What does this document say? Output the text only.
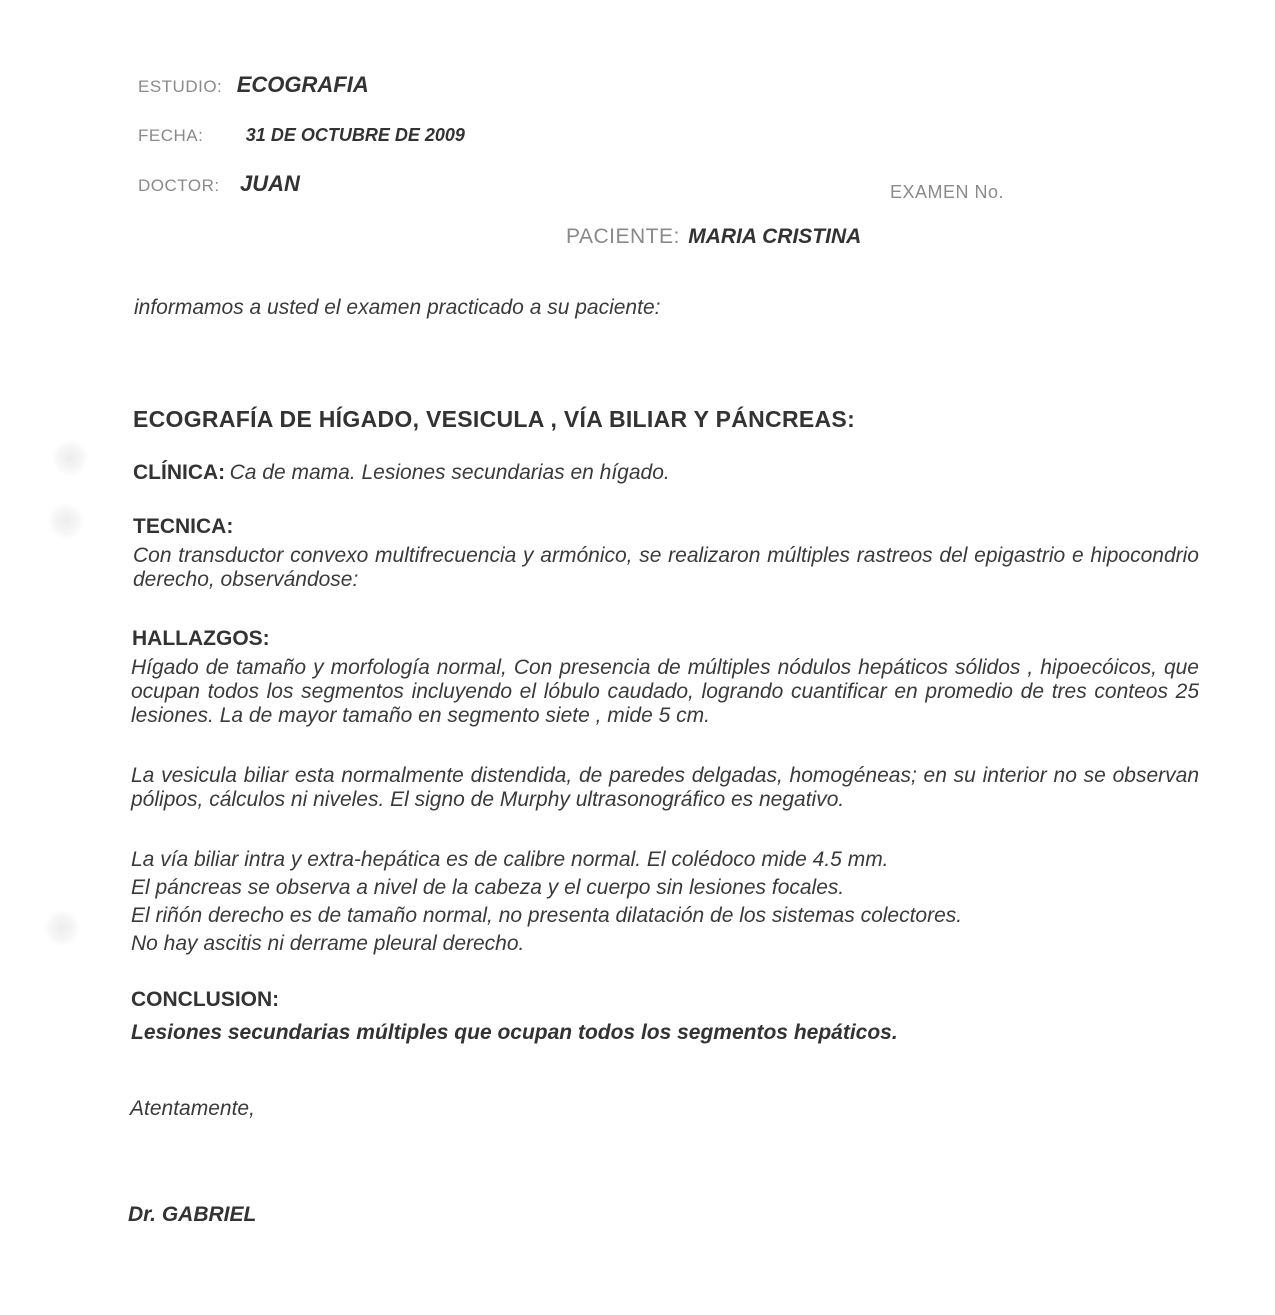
ESTUDIO: ECOGRAFIA
FECHA: 31 DE OCTUBRE DE 2009
DOCTOR: JUAN	EXAMEN No.
PACIENTE: MARIA CRISTINA
informamos a usted el examen practicado a su paciente:
ECOGRAFÍA DE HÍGADO, VESICULA , VÍA BILIAR Y PÁNCREAS:
CLÍNICA: Ca de mama. Lesiones secundarias en hígado.
TECNICA:
Con transductor convexo multifrecuencia y armónico, se realizaron múltiples rastreos del epigastrio e hipocondrio derecho, observándose:
HALLAZGOS:
Hígado de tamaño y morfología normal, Con presencia de múltiples nódulos hepáticos sólidos , hipoecóicos, que ocupan todos los segmentos incluyendo el lóbulo caudado, logrando cuantificar en promedio de tres conteos 25 lesiones. La de mayor tamaño en segmento siete , mide 5 cm.
La vesicula biliar esta normalmente distendida, de paredes delgadas, homogéneas; en su interior no se observan pólipos, cálculos ni niveles. El signo de Murphy ultrasonográfico es negativo.
La vía biliar intra y extra-hepática es de calibre normal. El colédoco mide 4.5 mm.
El páncreas se observa a nivel de la cabeza y el cuerpo sin lesiones focales.
El riñón derecho es de tamaño normal, no presenta dilatación de los sistemas colectores.
No hay ascitis ni derrame pleural derecho.
CONCLUSION:
Lesiones secundarias múltiples que ocupan todos los segmentos hepáticos.
Atentamente,
Dr. GABRIEL
